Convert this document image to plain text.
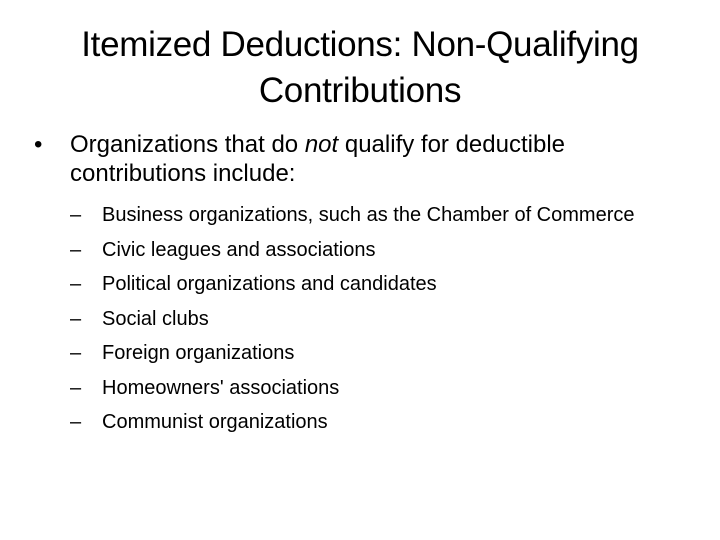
Itemized Deductions: Non-Qualifying
Contributions
•	Organizations that do not qualify for deductible contributions include:
– Business organizations, such as the Chamber of Commerce
– Civic leagues and associations
– Political organizations and candidates
– Social clubs
– Foreign organizations
– Homeowners' associations
– Communist organizations
